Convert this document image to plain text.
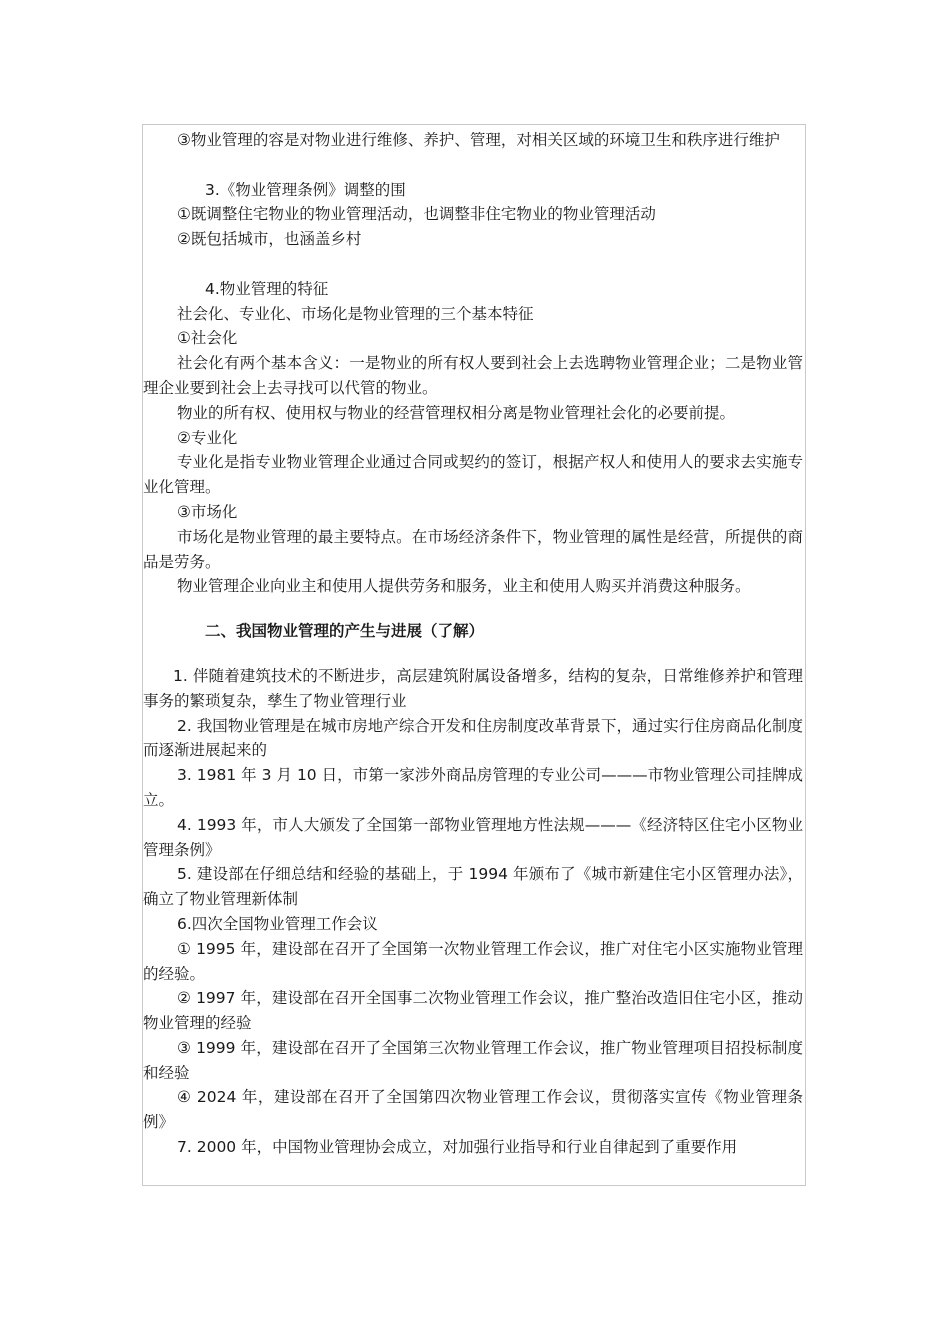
③物业管理的容是对物业进行维修、养护、管理，对相关区域的环境卫生和秩序进行维护

3.《物业管理条例》调整的围

①既调整住宅物业的物业管理活动，也调整非住宅物业的物业管理活动

②既包括城市，也涵盖乡村

4.物业管理的特征

社会化、专业化、市场化是物业管理的三个基本特征

①社会化

社会化有两个基本含义：一是物业的所有权人要到社会上去选聘物业管理企业；二是物业管理企业要到社会上去寻找可以代管的物业。

物业的所有权、使用权与物业的经营管理权相分离是物业管理社会化的必要前提。

②专业化

专业化是指专业物业管理企业通过合同或契约的签订，根据产权人和使用人的要求去实施专业化管理。

③市场化

市场化是物业管理的最主要特点。在市场经济条件下，物业管理的属性是经营，所提供的商品是劳务。

物业管理企业向业主和使用人提供劳务和服务，业主和使用人购买并消费这种服务。

二、我国物业管理的产生与进展（了解）

1. 伴随着建筑技术的不断进步，高层建筑附属设备增多，结构的复杂，日常维修养护和管理事务的繁琐复杂，孳生了物业管理行业

2. 我国物业管理是在城市房地产综合开发和住房制度改革背景下，通过实行住房商品化制度而逐渐进展起来的

3. 1981 年 3 月 10 日，市第一家涉外商品房管理的专业公司———市物业管理公司挂牌成立。

4. 1993 年，市人大颁发了全国第一部物业管理地方性法规———《经济特区住宅小区物业管理条例》

5. 建设部在仔细总结和经验的基础上，于 1994 年颁布了《城市新建住宅小区管理办法》，确立了物业管理新体制

6.四次全国物业管理工作会议

① 1995 年，建设部在召开了全国第一次物业管理工作会议，推广对住宅小区实施物业管理的经验。

② 1997 年，建设部在召开全国事二次物业管理工作会议，推广整治改造旧住宅小区，推动物业管理的经验

③ 1999 年，建设部在召开了全国第三次物业管理工作会议，推广物业管理项目招投标制度和经验

④ 2024 年，建设部在召开了全国第四次物业管理工作会议，贯彻落实宣传《物业管理条例》

7. 2000 年，中国物业管理协会成立，对加强行业指导和行业自律起到了重要作用
